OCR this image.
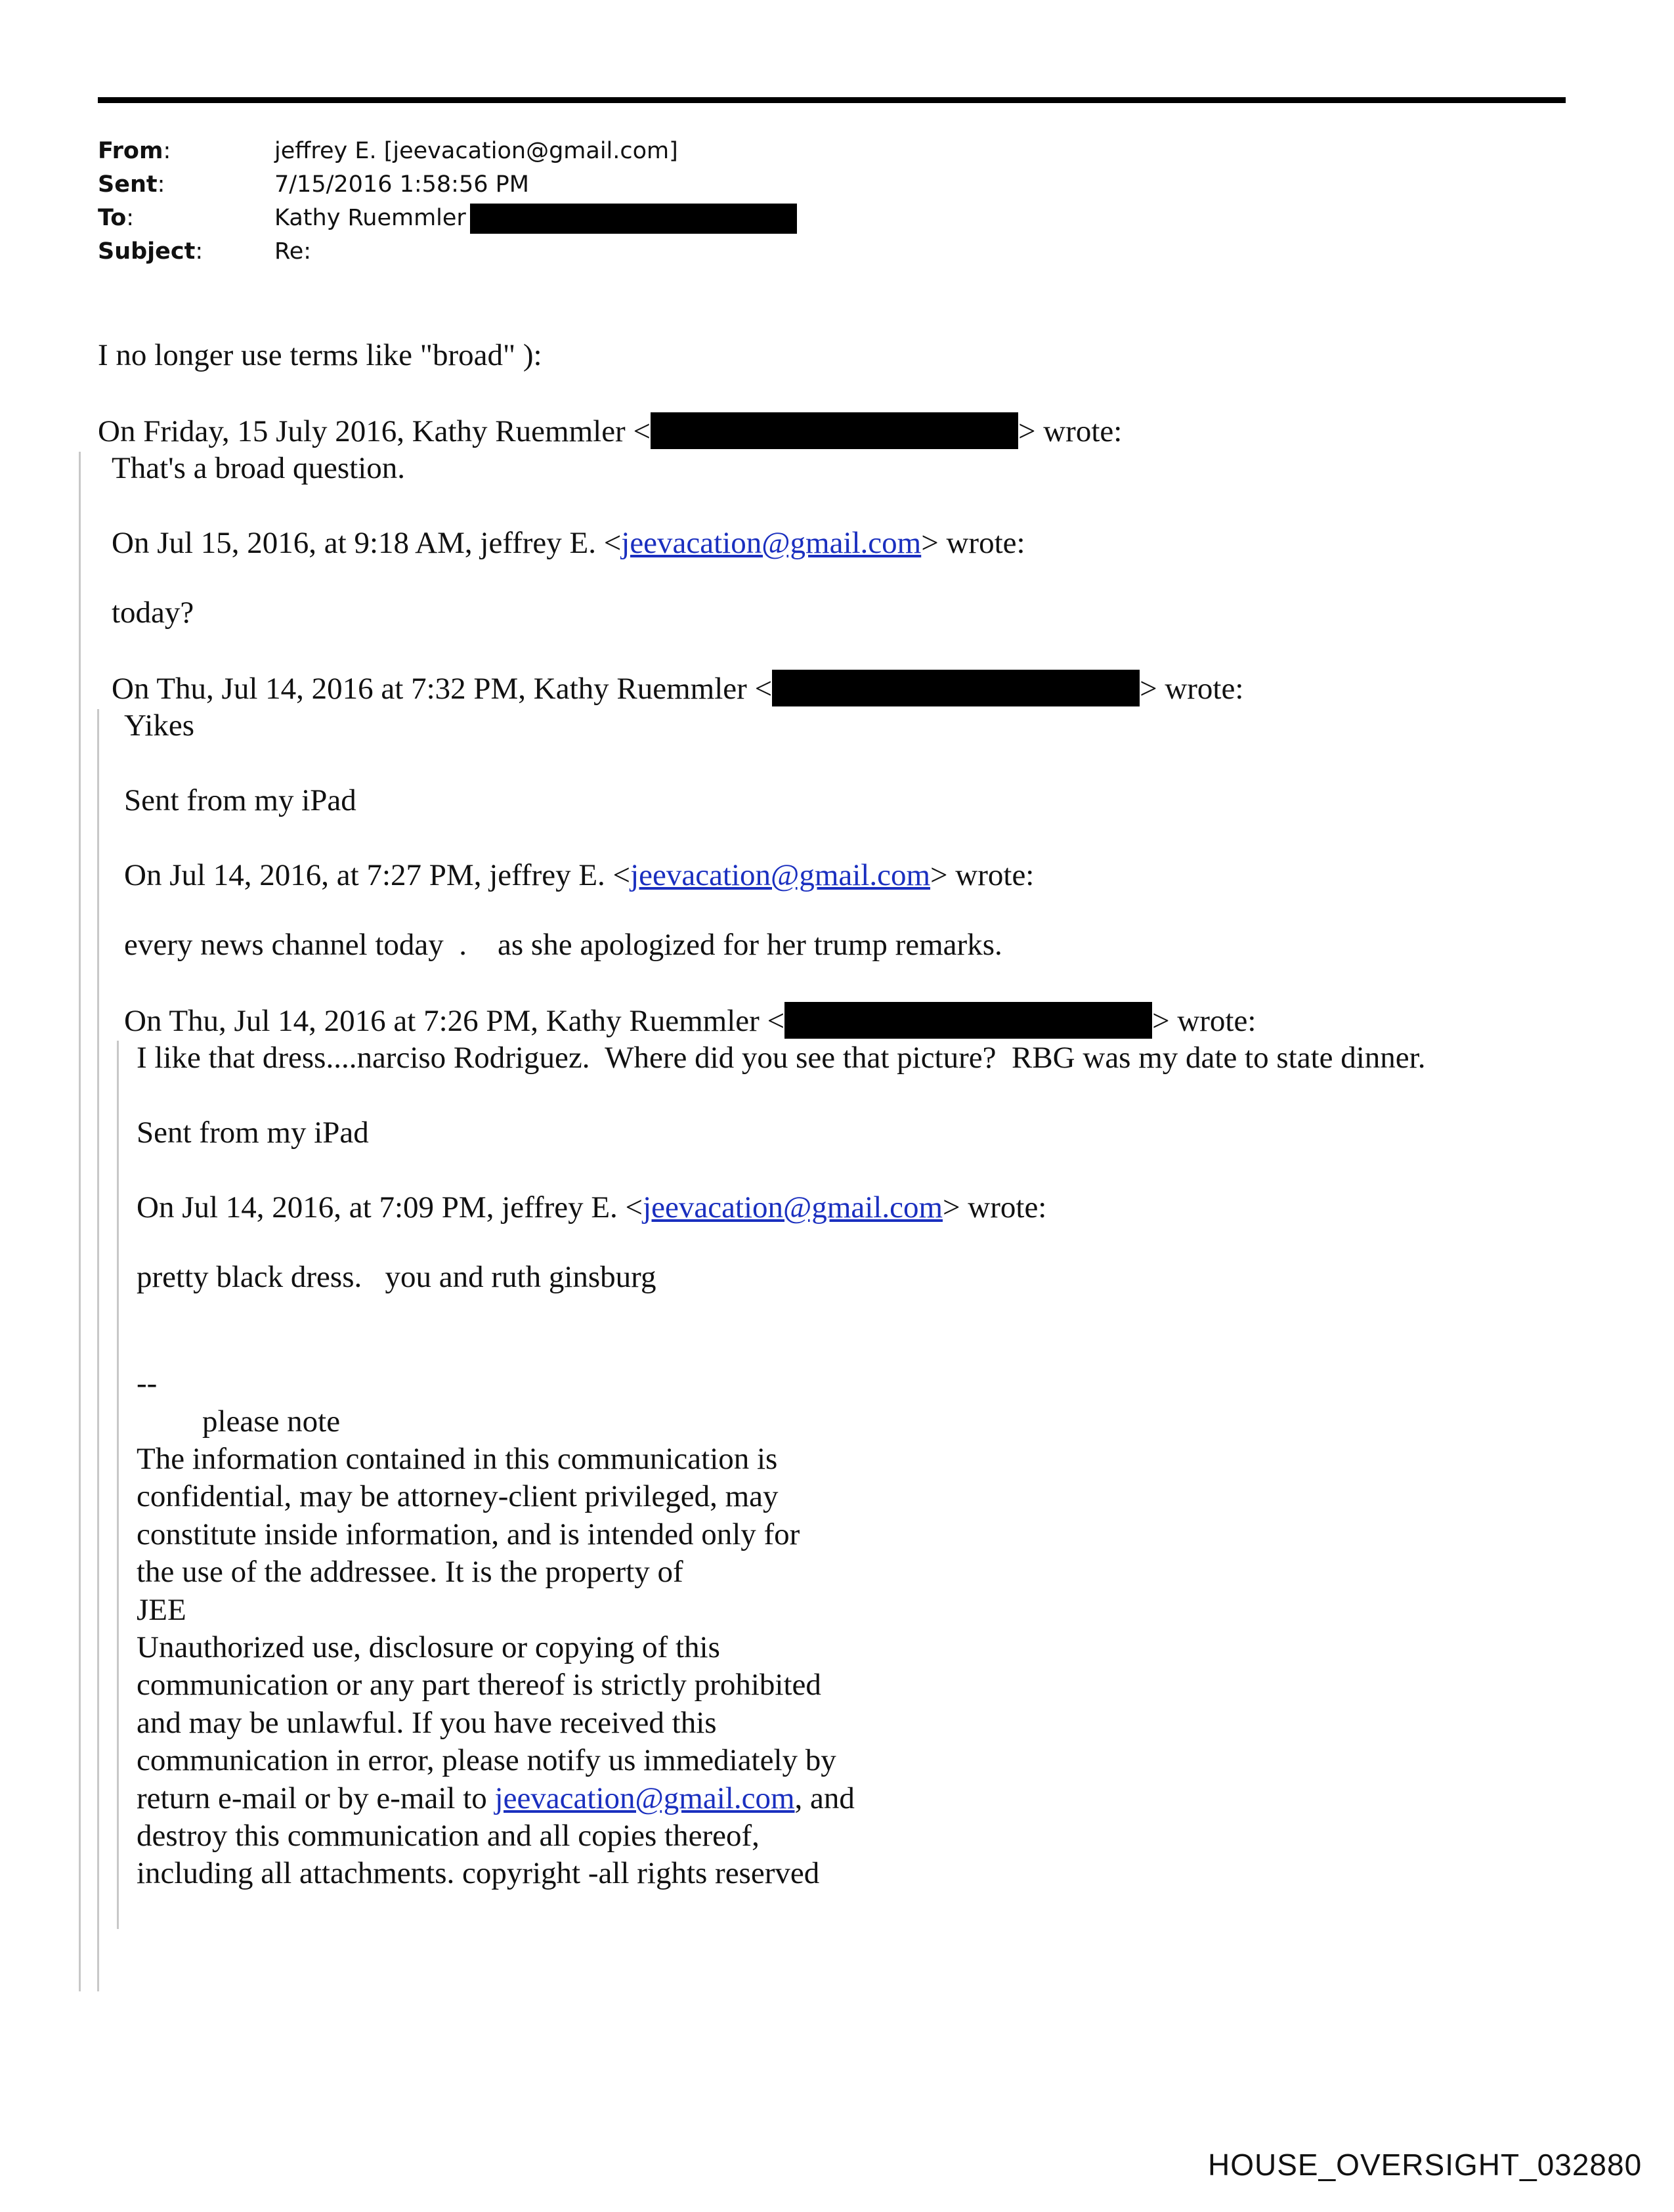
From:	jeffrey E. [jeevacation@gmail.com]
Sent:	7/15/2016 1:58:56 PM
To:	Kathy Ruemmler
Subject:	Re:
I no longer use terms like "broad" ):
On Friday, 15 July 2016, Kathy Ruemmler <	> wrote:
That's a broad question.
On Jul 15, 2016, at 9:18 AM, jeffrey E. <jeevacation@gmail.com> wrote:
today?
On Thu, Jul 14, 2016 at 7:32 PM, Kathy Ruemmler <	> wrote:
Yikes
Sent from my iPad
On Jul 14, 2016, at 7:27 PM, jeffrey E. <jeevacation@gmail.com> wrote:
every news channel today  .    as she apologized for her trump remarks.
On Thu, Jul 14, 2016 at 7:26 PM, Kathy Ruemmler <	> wrote:
I like that dress....narciso Rodriguez.  Where did you see that picture?  RBG was my date to state dinner.
Sent from my iPad
On Jul 14, 2016, at 7:09 PM, jeffrey E. <jeevacation@gmail.com> wrote:
pretty black dress.   you and ruth ginsburg
--
please note
The information contained in this communication is
confidential, may be attorney-client privileged, may
constitute inside information, and is intended only for
the use of the addressee. It is the property of
JEE
Unauthorized use, disclosure or copying of this
communication or any part thereof is strictly prohibited
and may be unlawful. If you have received this
communication in error, please notify us immediately by
return e-mail or by e-mail to jeevacation@gmail.com, and
destroy this communication and all copies thereof,
including all attachments. copyright -all rights reserved
HOUSE_OVERSIGHT_032880
